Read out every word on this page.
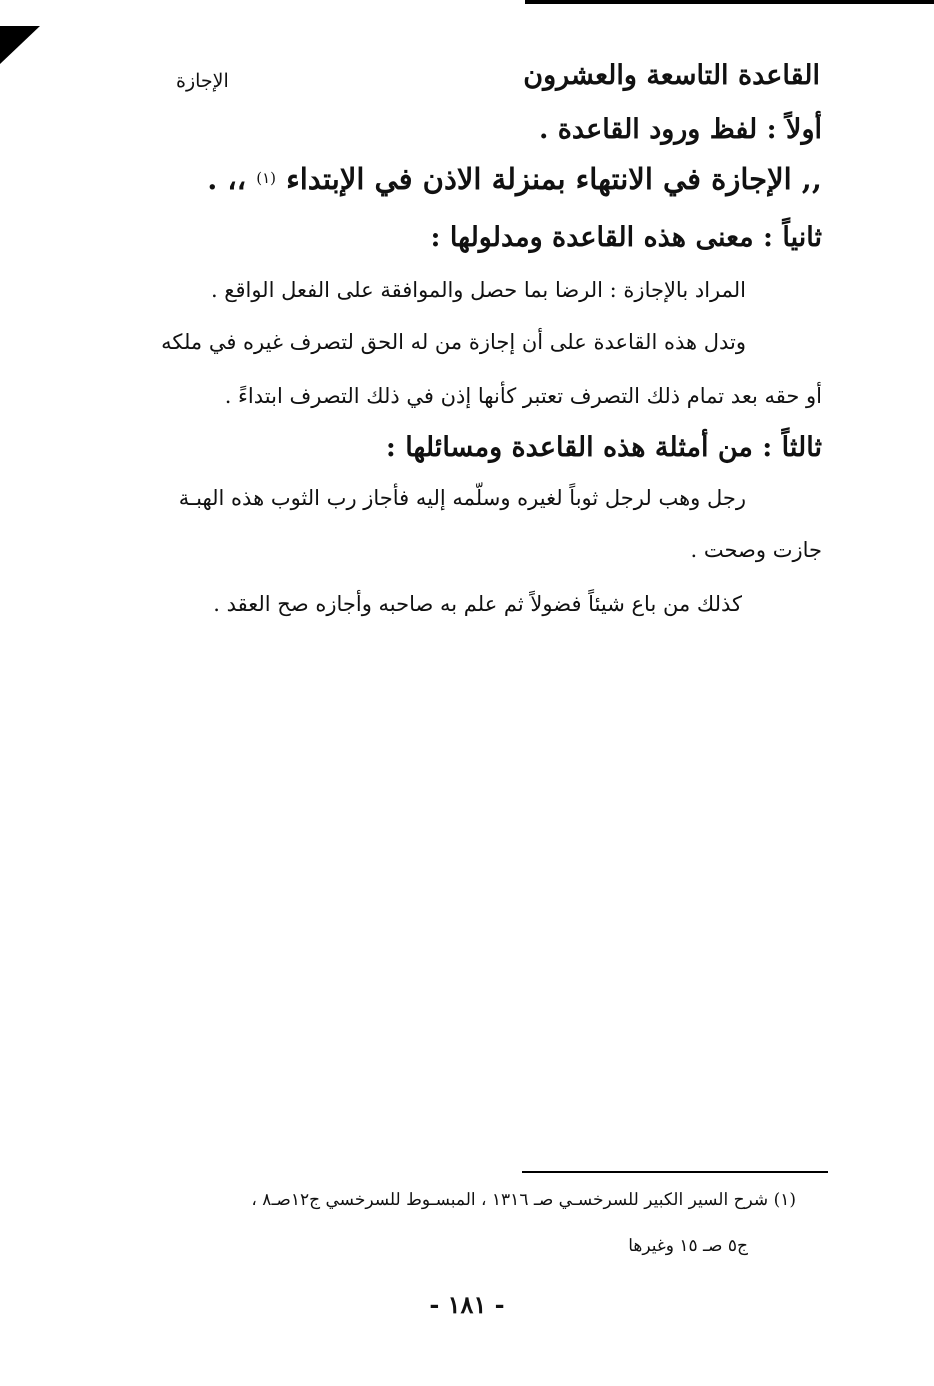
القاعدة التاسعة والعشرون
الإجازة
أولاً : لفظ ورود القاعدة .
,, الإجازة في الانتهاء بمنزلة الاذن في الإبتداء $^{(١)}$ ،، .
ثانياً : معنى هذه القاعدة ومدلولها :
المراد بالإجازة : الرضا بما حصل والموافقة على الفعل الواقع .
وتدل هذه القاعدة على أن إجازة من له الحق لتصرف غيره في ملكه
أو حقه بعد تمام ذلك التصرف تعتبر كأنها إذن في ذلك التصرف ابتداءً .
ثالثاً : من أمثلة هذه القاعدة ومسائلها :
رجل وهب لرجل ثوباً لغيره وسلّمه إليه فأجاز رب الثوب هذه الهبـة
جازت وصحت .
كذلك من باع شيئاً فضولاً ثم علم به صاحبه وأجازه صح العقد .
(١) شرح السير الكبير للسرخسـي صـ ١٣١٦ ، المبسـوط للسرخسي ج١٢صـ٨ ،
ج٥ صـ ١٥ وغيرها
- ١٨١ -
